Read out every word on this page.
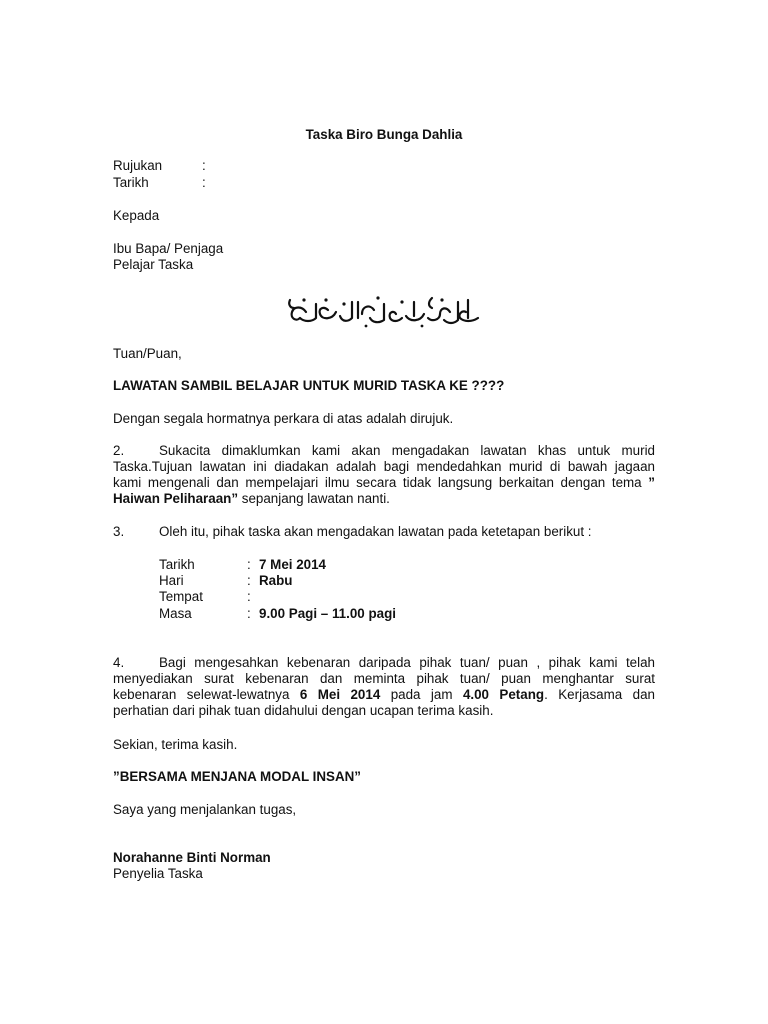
Taska Biro Bunga Dahlia
Rujukan	:
Tarikh	:
Kepada
Ibu Bapa/ Penjaga
Pelajar Taska
Tuan/Puan,
LAWATAN SAMBIL BELAJAR UNTUK MURID TASKA KE ????
Dengan segala hormatnya perkara di atas adalah dirujuk.
2.	Sukacita dimaklumkan kami akan mengadakan lawatan khas untuk murid
Taska.Tujuan lawatan ini diadakan adalah bagi mendedahkan murid di bawah jagaan
kami mengenali dan mempelajari ilmu secara tidak langsung berkaitan dengan tema ”
Haiwan Peliharaan” sepanjang lawatan nanti.
3.	Oleh itu, pihak taska akan mengadakan lawatan pada ketetapan berikut :
Tarikh	: 7 Mei 2014
Hari	: Rabu
Tempat	:
Masa	: 9.00 Pagi – 11.00 pagi
4.	Bagi mengesahkan kebenaran daripada pihak tuan/ puan , pihak kami telah
menyediakan surat kebenaran dan meminta pihak tuan/ puan menghantar surat
kebenaran selewat-lewatnya 6 Mei 2014 pada jam 4.00 Petang. Kerjasama dan
perhatian dari pihak tuan didahului dengan ucapan terima kasih.
Sekian, terima kasih.
”BERSAMA MENJANA MODAL INSAN”
Saya yang menjalankan tugas,
Norahanne Binti Norman
Penyelia Taska
